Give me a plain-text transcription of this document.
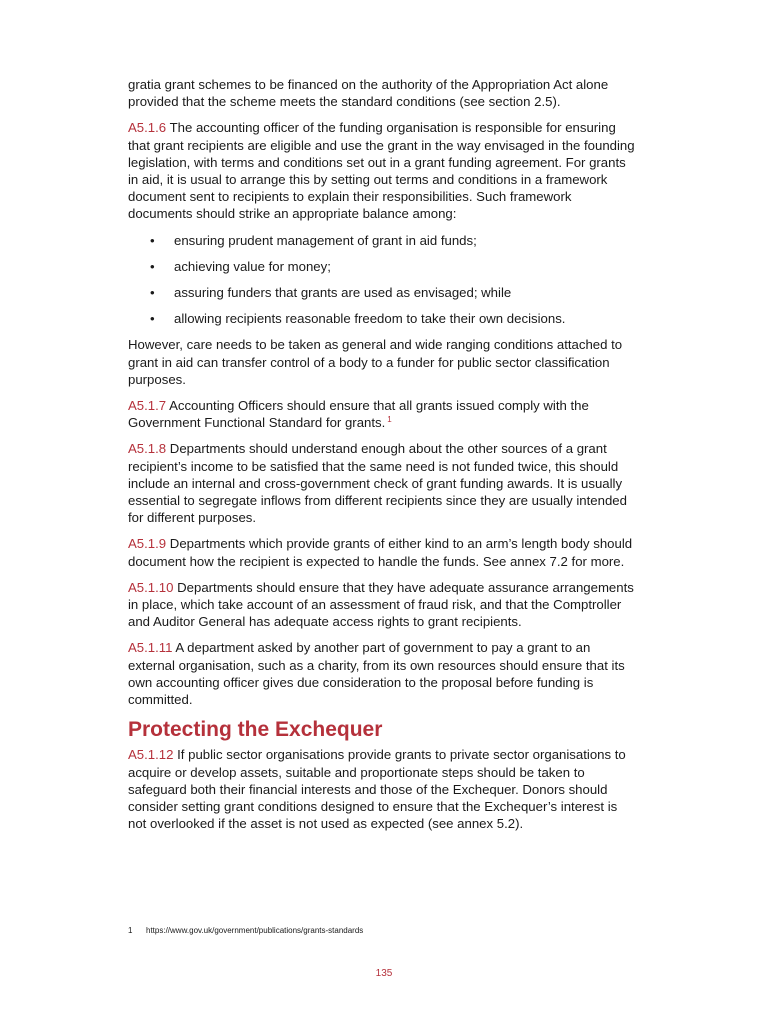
gratia grant schemes to be financed on the authority of the Appropriation Act alone provided that the scheme meets the standard conditions (see section 2.5).

A5.1.6 The accounting officer of the funding organisation is responsible for ensuring that grant recipients are eligible and use the grant in the way envisaged in the founding legislation, with terms and conditions set out in a grant funding agreement. For grants in aid, it is usual to arrange this by setting out terms and conditions in a framework document sent to recipients to explain their responsibilities. Such framework documents should strike an appropriate balance among:

• ensuring prudent management of grant in aid funds;
• achieving value for money;
• assuring funders that grants are used as envisaged; while
• allowing recipients reasonable freedom to take their own decisions.

However, care needs to be taken as general and wide ranging conditions attached to grant in aid can transfer control of a body to a funder for public sector classification purposes.

A5.1.7 Accounting Officers should ensure that all grants issued comply with the Government Functional Standard for grants. $^1$

A5.1.8 Departments should understand enough about the other sources of a grant recipient’s income to be satisfied that the same need is not funded twice, this should include an internal and cross-government check of grant funding awards. It is usually essential to segregate inflows from different recipients since they are usually intended for different purposes.

A5.1.9 Departments which provide grants of either kind to an arm’s length body should document how the recipient is expected to handle the funds. See annex 7.2 for more.

A5.1.10 Departments should ensure that they have adequate assurance arrangements in place, which take account of an assessment of fraud risk, and that the Comptroller and Auditor General has adequate access rights to grant recipients.

A5.1.11 A department asked by another part of government to pay a grant to an external organisation, such as a charity, from its own resources should ensure that its own accounting officer gives due consideration to the proposal before funding is committed.

Protecting the Exchequer

A5.1.12 If public sector organisations provide grants to private sector organisations to acquire or develop assets, suitable and proportionate steps should be taken to safeguard both their financial interests and those of the Exchequer. Donors should consider setting grant conditions designed to ensure that the Exchequer’s interest is not overlooked if the asset is not used as expected (see annex 5.2).

1 https://www.gov.uk/government/publications/grants-standards
135
